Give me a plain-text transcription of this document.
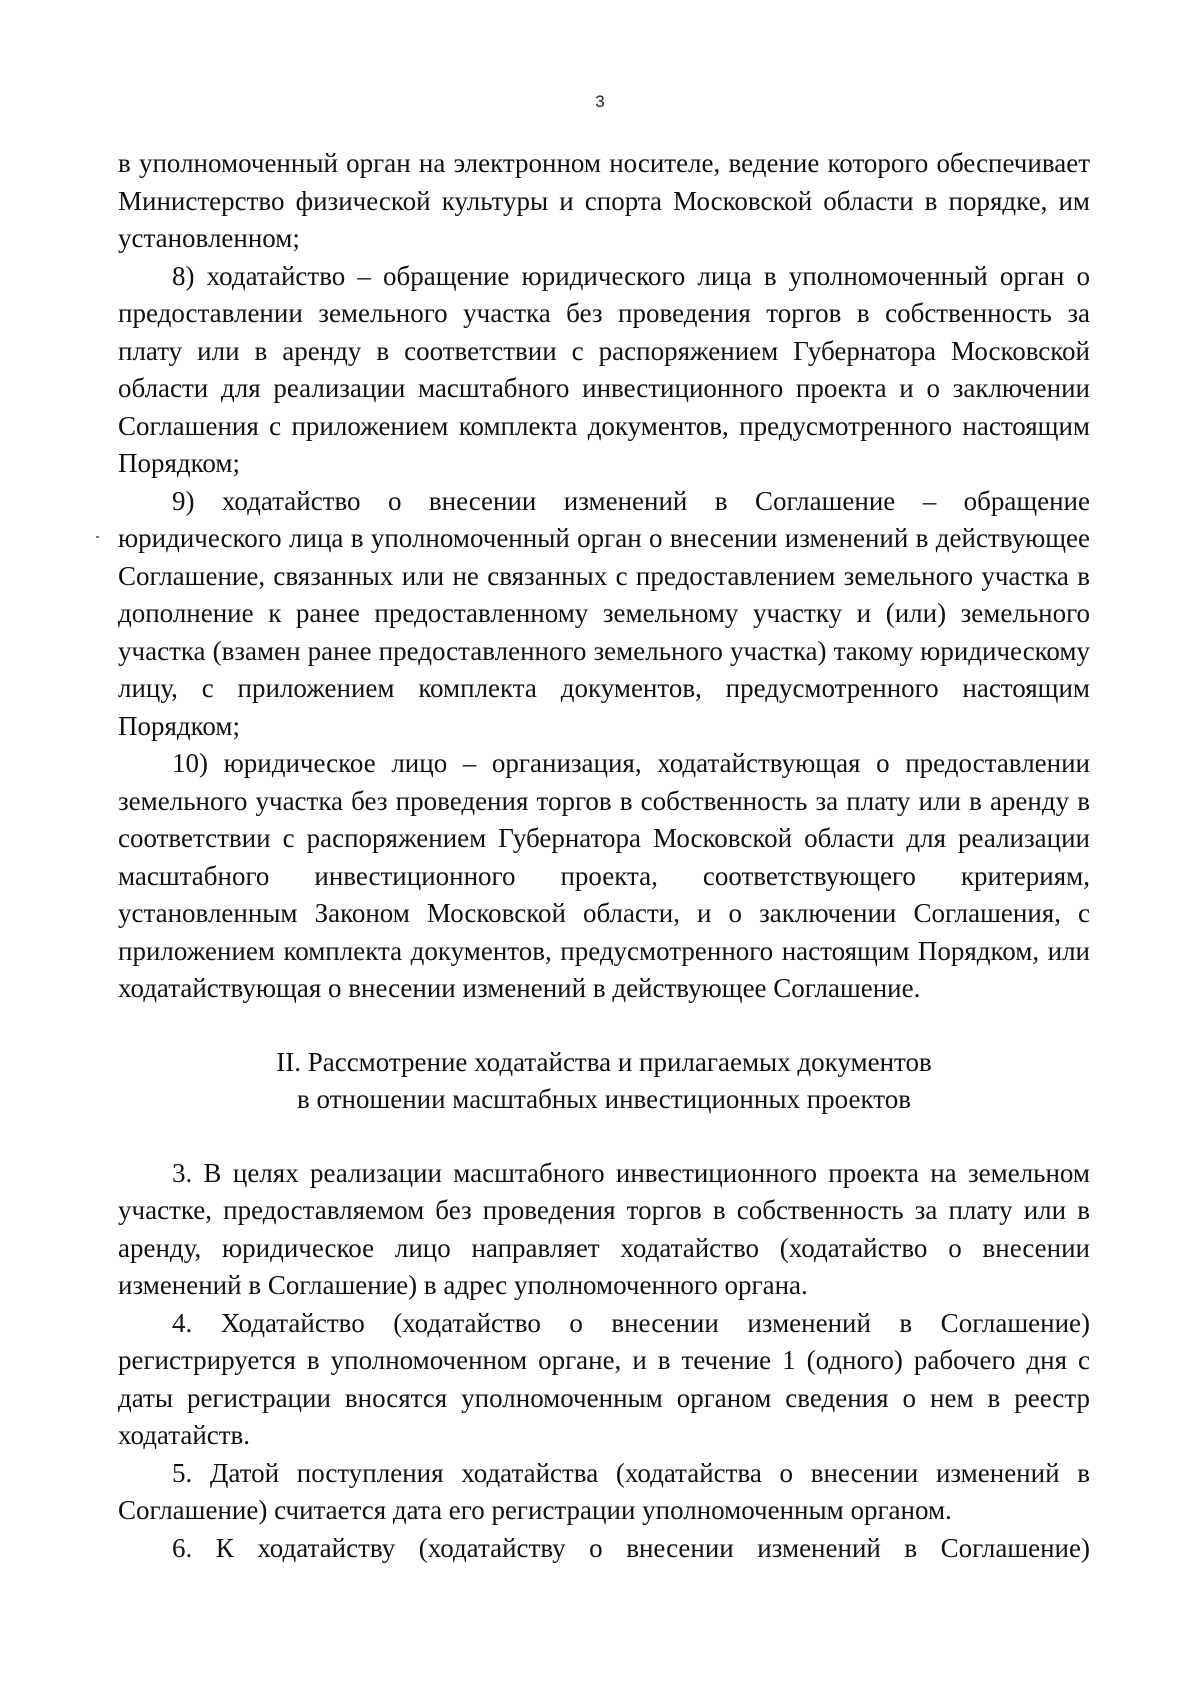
3

в уполномоченный орган на электронном носителе, ведение которого обеспечивает Министерство физической культуры и спорта Московской области в порядке, им установленном;

8) ходатайство – обращение юридического лица в уполномоченный орган о предоставлении земельного участка без проведения торгов в собственность за плату или в аренду в соответствии с распоряжением Губернатора Московской области для реализации масштабного инвестиционного проекта и о заключении Соглашения с приложением комплекта документов, предусмотренного настоящим Порядком;

9) ходатайство о внесении изменений в Соглашение – обращение юридического лица в уполномоченный орган о внесении изменений в действующее Соглашение, связанных или не связанных с предоставлением земельного участка в дополнение к ранее предоставленному земельному участку и (или) земельного участка (взамен ранее предоставленного земельного участка) такому юридическому лицу, с приложением комплекта документов, предусмотренного настоящим Порядком;

10) юридическое лицо – организация, ходатайствующая о предоставлении земельного участка без проведения торгов в собственность за плату или в аренду в соответствии с распоряжением Губернатора Московской области для реализации масштабного инвестиционного проекта, соответствующего критериям, установленным Законом Московской области, и о заключении Соглашения, с приложением комплекта документов, предусмотренного настоящим Порядком, или ходатайствующая о внесении изменений в действующее Соглашение.

II. Рассмотрение ходатайства и прилагаемых документов
в отношении масштабных инвестиционных проектов

3. В целях реализации масштабного инвестиционного проекта на земельном участке, предоставляемом без проведения торгов в собственность за плату или в аренду, юридическое лицо направляет ходатайство (ходатайство о внесении изменений в Соглашение) в адрес уполномоченного органа.

4. Ходатайство (ходатайство о внесении изменений в Соглашение) регистрируется в уполномоченном органе, и в течение 1 (одного) рабочего дня с даты регистрации вносятся уполномоченным органом сведения о нем в реестр ходатайств.

5. Датой поступления ходатайства (ходатайства о внесении изменений в Соглашение) считается дата его регистрации уполномоченным органом.

6. К ходатайству (ходатайству о внесении изменений в Соглашение)
